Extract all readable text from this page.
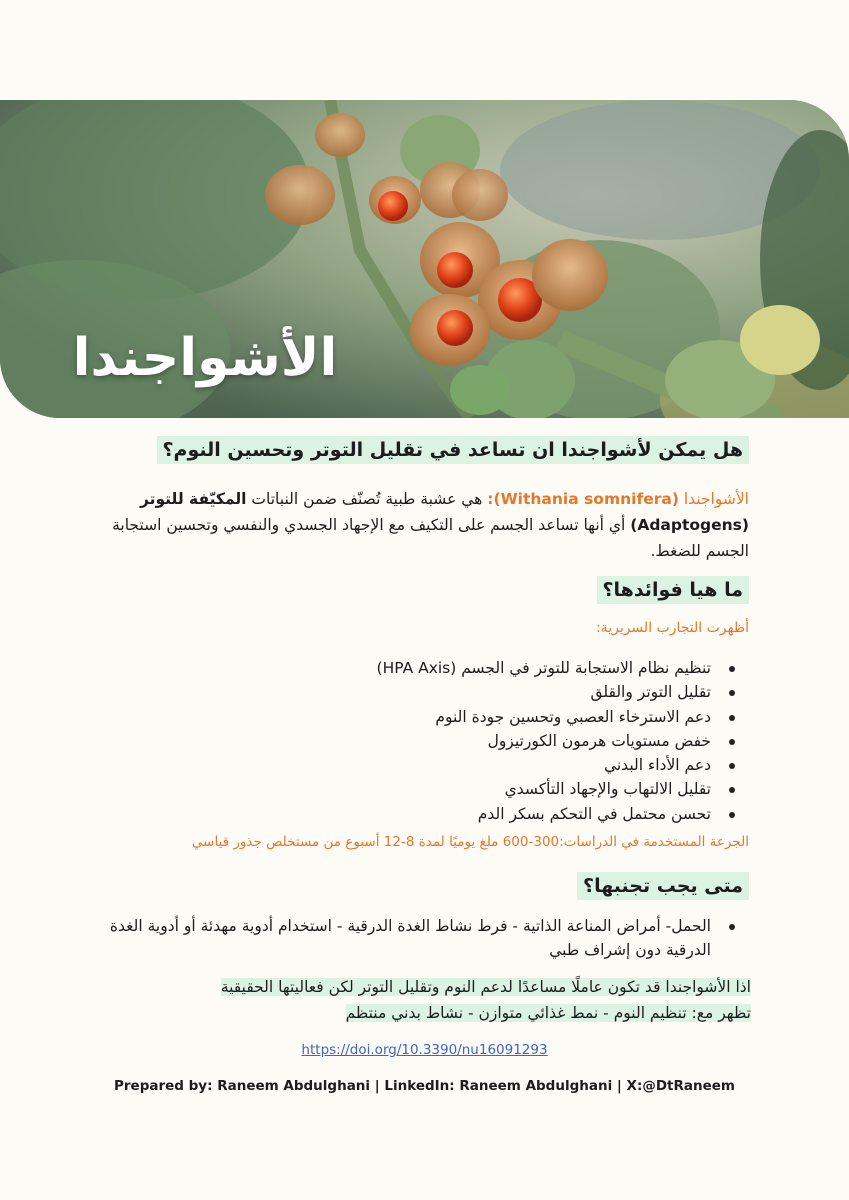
الأشواجندا

هل يمكن لأشواجندا ان تساعد في تقليل التوتر وتحسين النوم؟

الأشواجندا (Withania somnifera): هي عشبة طبية تُصنّف ضمن النباتات المكيّفة للتوتر (Adaptogens) أي أنها تساعد الجسم على التكيف مع الإجهاد الجسدي والنفسي وتحسين استجابة الجسم للضغط.

ما هيا فوائدها؟

أظهرت التجارب السريرية:

تنظيم نظام الاستجابة للتوتر في الجسم (HPA Axis)
تقليل التوتر والقلق
دعم الاسترخاء العصبي وتحسين جودة النوم
خفض مستويات هرمون الكورتيزول
دعم الأداء البدني
تقليل الالتهاب والإجهاد التأكسدي
تحسن محتمل في التحكم بسكر الدم

الجرعة المستخدمة في الدراسات:300-600 ملغ يوميًا لمدة 8-12 أسبوع من مستخلص جذور قياسي

متى يجب تجنبها؟
الحمل- أمراض المناعة الذاتية - فرط نشاط الغدة الدرقية - استخدام أدوية مهدئة أو أدوية الغدة الدرقية دون إشراف طبي

اذا الأشواجندا قد تكون عاملًا مساعدًا لدعم النوم وتقليل التوتر لكن فعاليتها الحقيقية
تظهر مع: تنظيم النوم - نمط غذائي متوازن - نشاط بدني منتظم

https://doi.org/10.3390/nu16091293
Prepared by: Raneem Abdulghani | LinkedIn: Raneem Abdulghani | X:@DtRaneem
